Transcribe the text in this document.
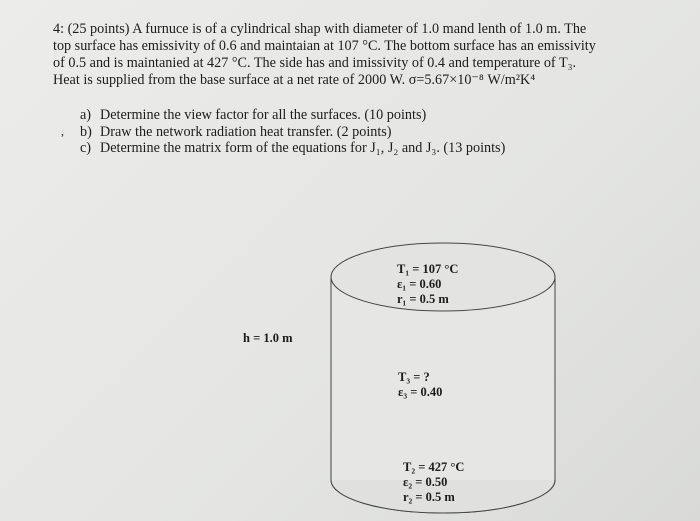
4: (25 points) A furnuce is of a cylindrical shap with diameter of 1.0 mand lenth of 1.0 m. The
top surface has emissivity of 0.6 and maintaian at 107 °C. The bottom surface has an emissivity
of 0.5 and is maintanied at 427 °C. The side has and imissivity of 0.4 and temperature of T₃.
Heat is supplied from the base surface at a net rate of 2000 W. σ=5.67×10⁻⁸ W/m²K⁴
,
a) Determine the view factor for all the surfaces. (10 points)
b) Draw the network radiation heat transfer. (2 points)
c) Determine the matrix form of the equations for J₁, J₂ and J₃. (13 points)
T₁ = 107 °C
ε₁ = 0.60
r₁ = 0.5 m
h = 1.0 m
T₃ = ?
ε₃ = 0.40
T₂ = 427 °C
ε₂ = 0.50
r₂ = 0.5 m
